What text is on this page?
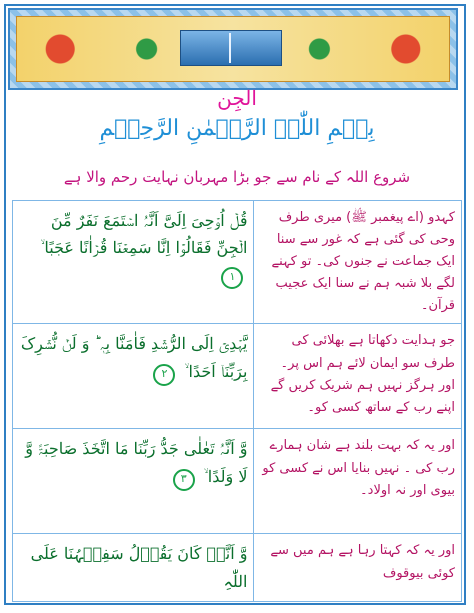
الجِن
بِسۡمِ اللّٰہِ الرَّحۡمٰنِ الرَّحِیۡمِ
شروع اللہ کے نام سے جو بڑا مہربان نہایت رحم والا ہے
قُلۡ اُوۡحِیَ اِلَیَّ اَنَّہُ اسۡتَمَعَ نَفَرٌ مِّنَ الۡجِنِّ فَقَالُوۡۤا اِنَّا سَمِعۡنَا قُرۡاٰنًا عَجَبًا ۙ ١	کہدو (اے پیغمبر ﷺ) میری طرف وحی کی گئی ہے کہ غور سے سنا ایک جماعت نے جنوں کی۔ تو کہنے لگے بلا شبہ ہم نے سنا ایک عجیب قرآن۔
یَّہۡدِیۡۤ اِلَی الرُّشۡدِ فَاٰمَنَّا بِہٖ ؕ وَ لَنۡ نُّشۡرِکَ بِرَبِّنَاۤ اَحَدًا ۙ ٢	جو ہدایت دکھاتا ہے بھلائی کی طرف سو ایمان لائے ہم اس پر۔ اور ہرگز نہیں ہم شریک کریں گے اپنے رب کے ساتھ کسی کو۔
وَّ اَنَّہُ تَعٰلٰی جَدُّ رَبِّنَا مَا اتَّخَذَ صَاحِبَۃً وَّ لَا وَلَدًا ۙ ٣	اور یہ کہ بہت بلند ہے شان ہمارے رب کی ۔ نہیں بنایا اس نے کسی کو بیوی اور نہ اولاد۔
وَّ اَنَّہٗ کَانَ یَقُوۡلُ سَفِیۡہُنَا عَلَی اللّٰہِ	اور یہ کہ کہتا رہا ہے ہم میں سے کوئی بیوقوف
